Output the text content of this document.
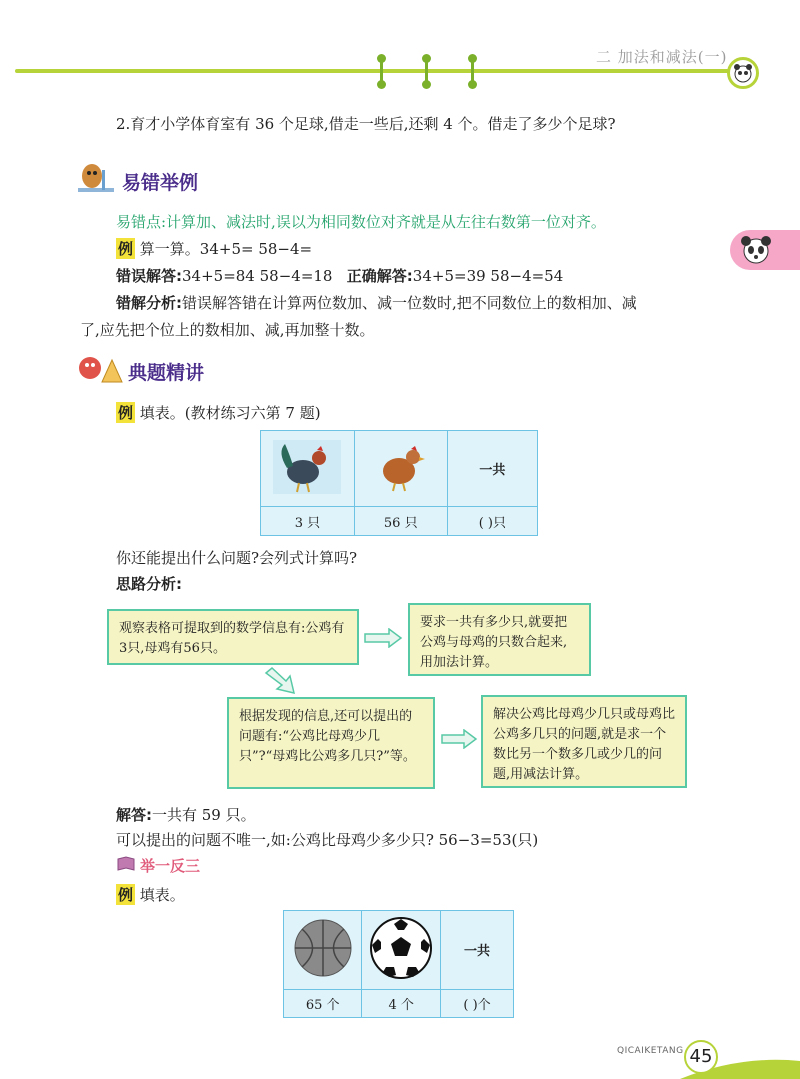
二 加法和减法(一)
2.育才小学体育室有 36 个足球,借走一些后,还剩 4 个。借走了多少个足球?
易错举例
易错点:计算加、减法时,误以为相同数位对齐就是从左往右数第一位对齐。
例 算一算。34+5= 58−4=
错误解答:34+5=84 58−4=18 正确解答:34+5=39 58−4=54
错解分析:错误解答错在计算两位数加、减一位数时,把不同数位上的数相加、减
了,应先把个位上的数相加、减,再加整十数。
典题精讲
例 填表。(教材练习六第 7 题)
		一共
3 只	56 只	( )只
你还能提出什么问题?会列式计算吗?
思路分析:
观察表格可提取到的数学信息有:公鸡有3只,母鸡有56只。
要求一共有多少只,就要把公鸡与母鸡的只数合起来,用加法计算。
根据发现的信息,还可以提出的问题有:“公鸡比母鸡少几只”?“母鸡比公鸡多几只?”等。
解决公鸡比母鸡少几只或母鸡比公鸡多几只的问题,就是求一个数比另一个数多几或少几的问题,用减法计算。
解答:一共有 59 只。
可以提出的问题不唯一,如:公鸡比母鸡少多少只? 56−3=53(只)
举一反三
例 填表。
		一共
65 个	4 个	( )个
QICAIKETANG 45
